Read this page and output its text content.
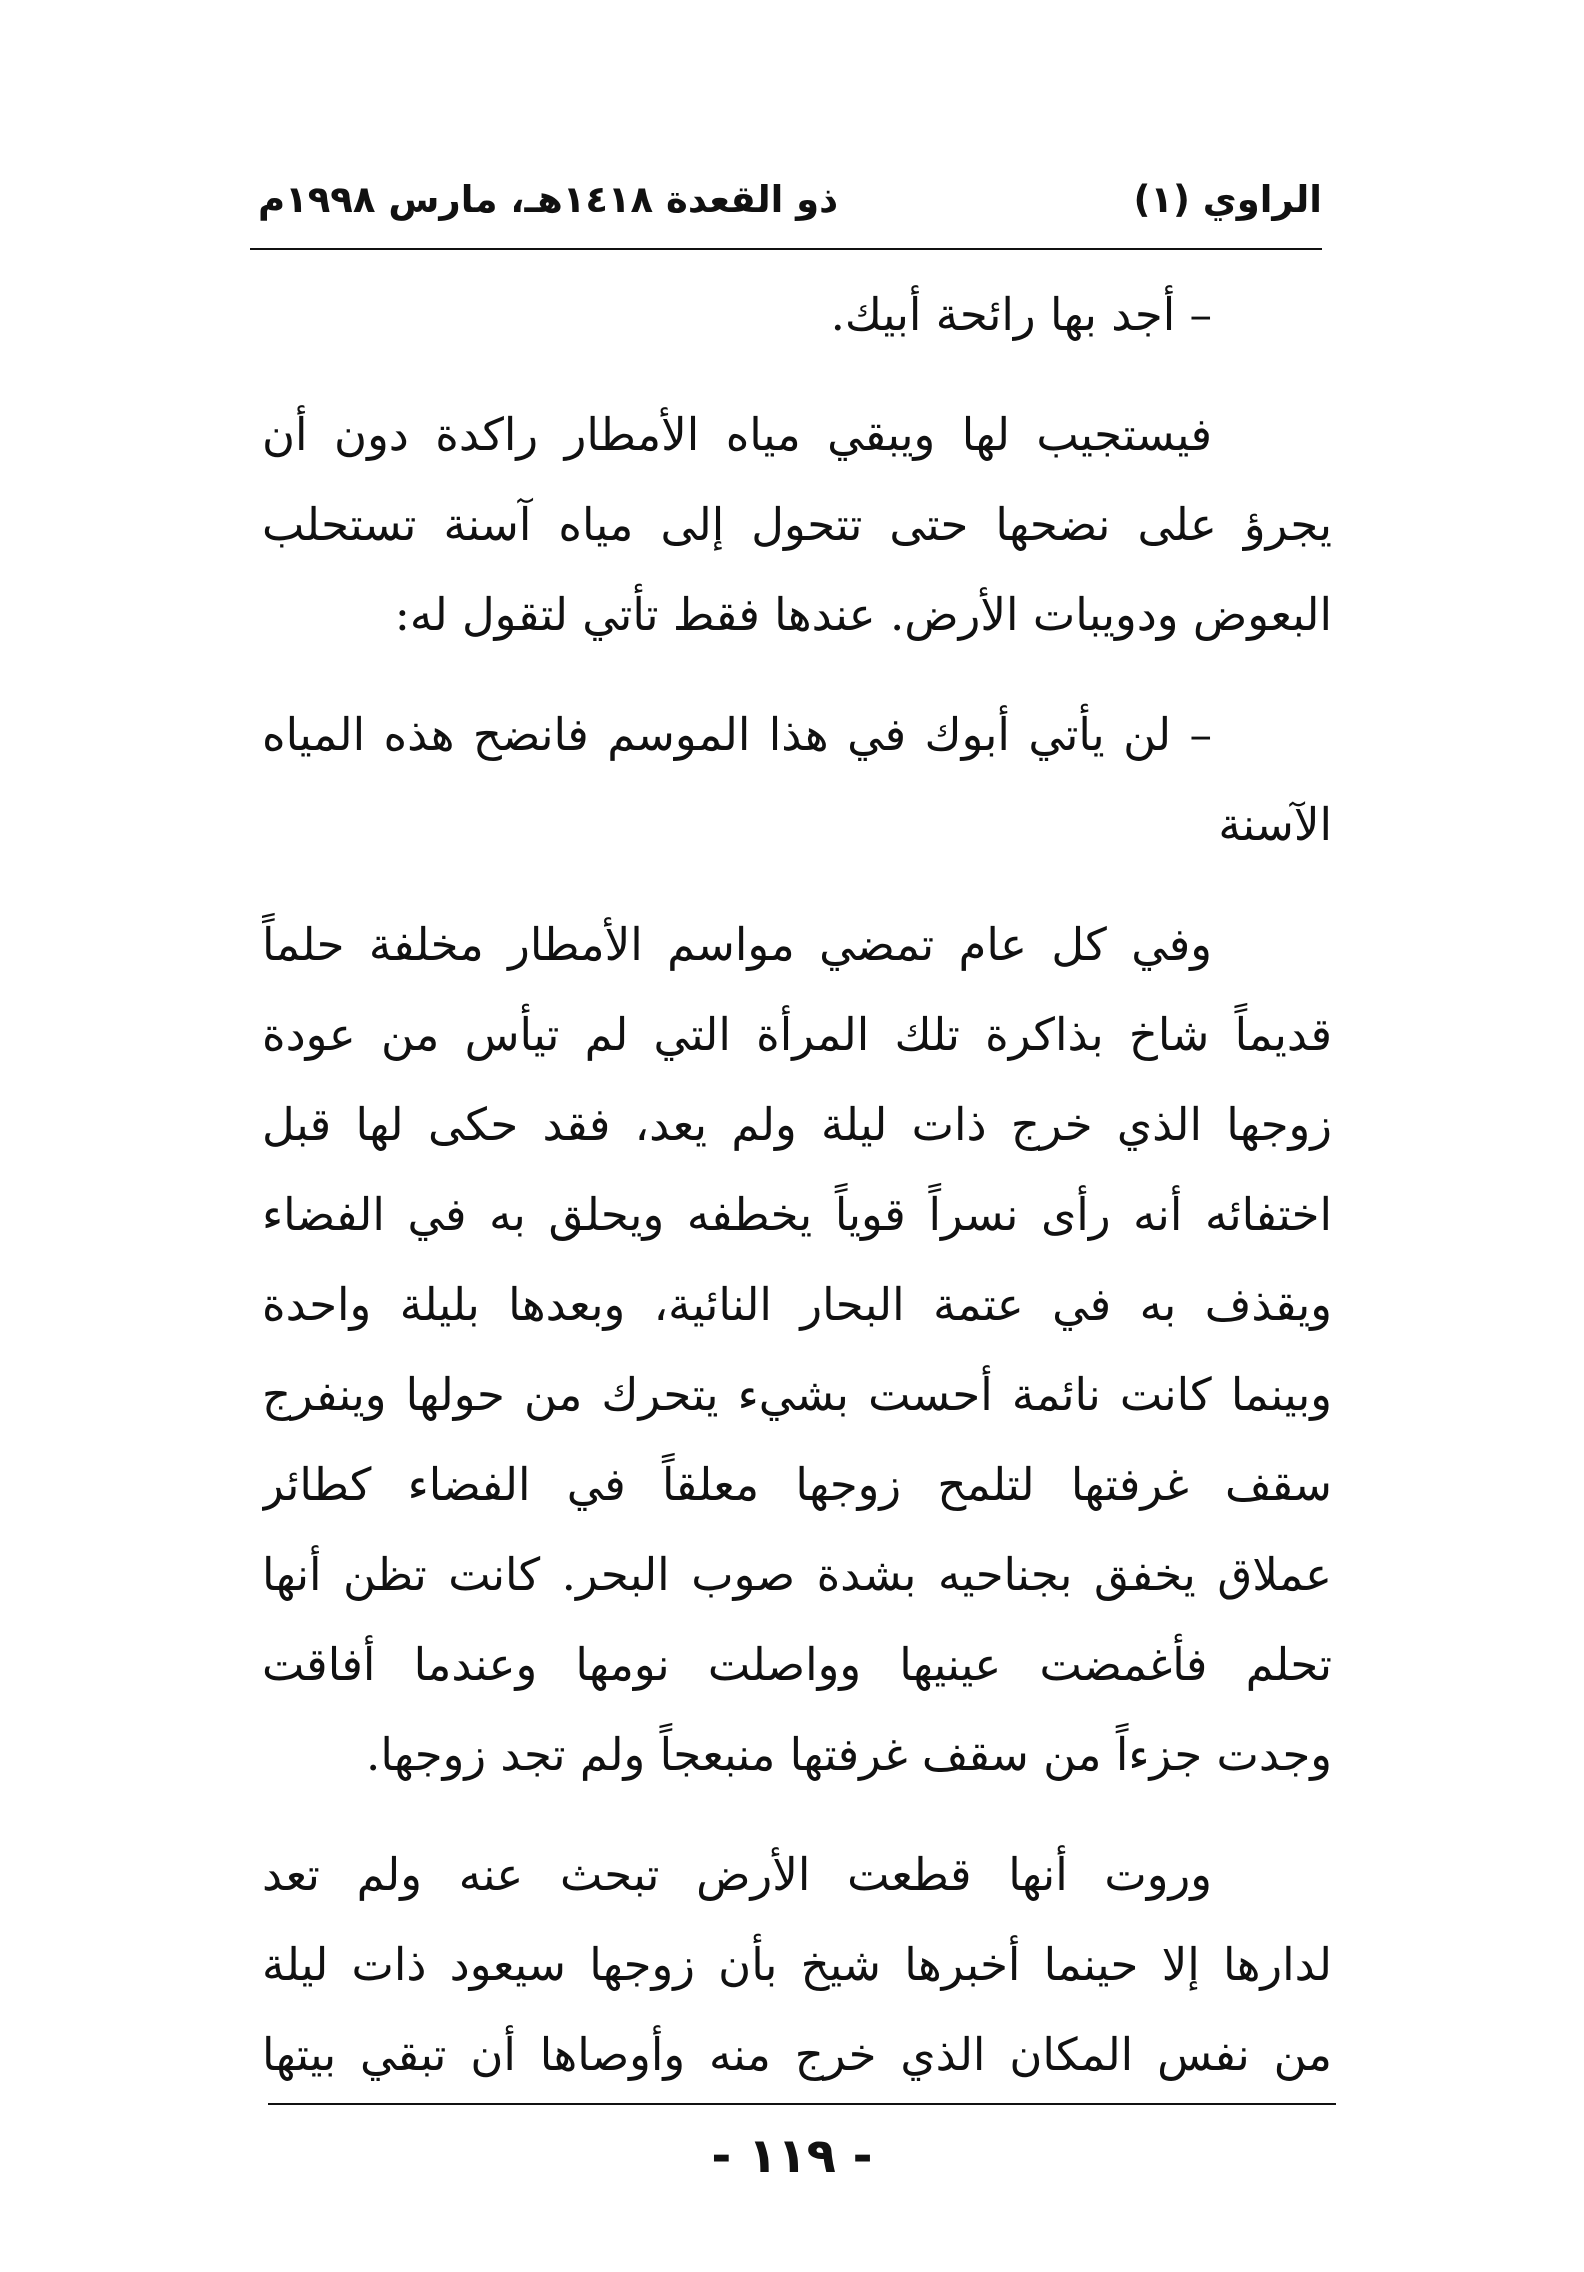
الراوي (١)
ذو القعدة ١٤١٨هـ، مارس ١٩٩٨م
– أجد بها رائحة أبيك.
فيستجيب لها ويبقي مياه الأمطار راكدة دون أن
يجرؤ على نضحها حتى تتحول إلى مياه آسنة تستحلب
البعوض ودويبات الأرض. عندها فقط تأتي لتقول له:
– لن يأتي أبوك في هذا الموسم فانضح هذه المياه
الآسنة
وفي كل عام تمضي مواسم الأمطار مخلفة حلماً
قديماً شاخ بذاكرة تلك المرأة التي لم تيأس من عودة
زوجها الذي خرج ذات ليلة ولم يعد، فقد حكى لها قبل
اختفائه أنه رأى نسراً قوياً يخطفه ويحلق به في الفضاء
ويقذف به في عتمة البحار النائية، وبعدها بليلة واحدة
وبينما كانت نائمة أحست بشيء يتحرك من حولها وينفرج
سقف غرفتها لتلمح زوجها معلقاً في الفضاء كطائر
عملاق يخفق بجناحيه بشدة صوب البحر. كانت تظن أنها
تحلم فأغمضت عينيها وواصلت نومها وعندما أفاقت
وجدت جزءاً من سقف غرفتها منبعجاً ولم تجد زوجها.
وروت أنها قطعت الأرض تبحث عنه ولم تعد
لدارها إلا حينما أخبرها شيخ بأن زوجها سيعود ذات ليلة
من نفس المكان الذي خرج منه وأوصاها أن تبقي بيتها
- ١١٩ -
